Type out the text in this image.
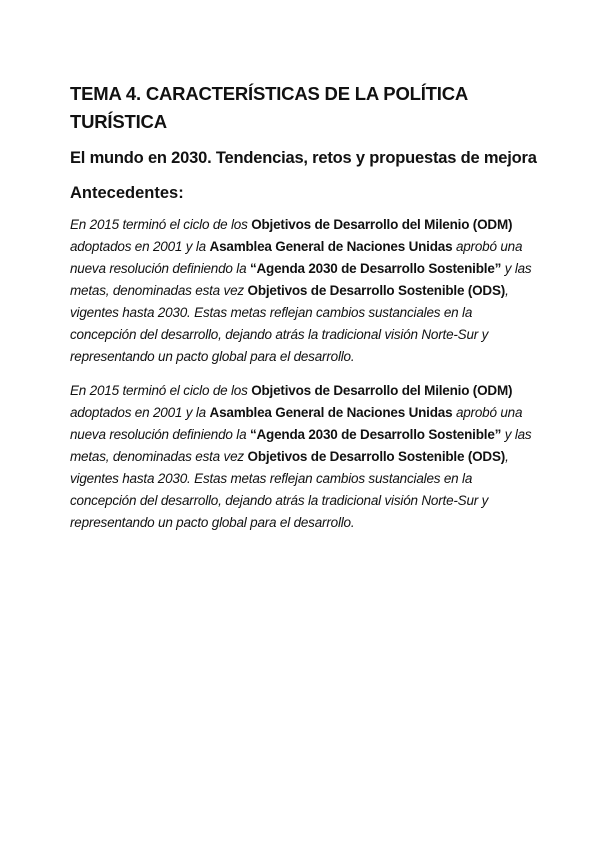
TEMA 4. CARACTERÍSTICAS DE LA POLÍTICA TURÍSTICA
El mundo en 2030. Tendencias, retos y propuestas de mejora
Antecedentes:

En 2015 terminó el ciclo de los Objetivos de Desarrollo del Milenio (ODM) adoptados en 2001 y la Asamblea General de Naciones Unidas aprobó una nueva resolución definiendo la “Agenda 2030 de Desarrollo Sostenible” y las metas, denominadas esta vez Objetivos de Desarrollo Sostenible (ODS), vigentes hasta 2030. Estas metas reflejan cambios sustanciales en la concepción del desarrollo, dejando atrás la tradicional visión Norte-Sur y representando un pacto global para el desarrollo.

En 2015 terminó el ciclo de los Objetivos de Desarrollo del Milenio (ODM) adoptados en 2001 y la Asamblea General de Naciones Unidas aprobó una nueva resolución definiendo la “Agenda 2030 de Desarrollo Sostenible” y las metas, denominadas esta vez Objetivos de Desarrollo Sostenible (ODS), vigentes hasta 2030. Estas metas reflejan cambios sustanciales en la concepción del desarrollo, dejando atrás la tradicional visión Norte-Sur y representando un pacto global para el desarrollo.
